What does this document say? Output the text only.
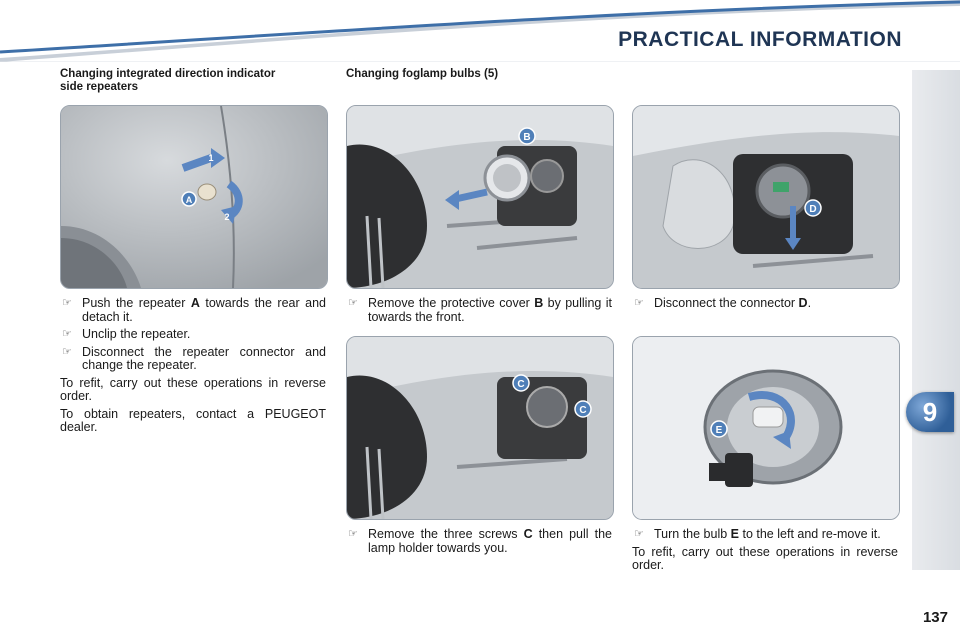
PRACTICAL INFORMATION
9
Changing integrated direction indicator side repeaters
Changing foglamp bulbs (5)
A
1
2
B
D
C
C
E
☞ Push the repeater A towards the rear and detach it.
☞ Unclip the repeater.
☞ Disconnect the repeater connector and change the repeater.
To refit, carry out these operations in reverse order.
To obtain repeaters, contact a PEUGEOT dealer.
☞ Remove the protective cover B by pulling it towards the front.
☞ Disconnect the connector D.
☞ Remove the three screws C then pull the lamp holder towards you.
☞ Turn the bulb E to the left and re-move it.
To refit, carry out these operations in reverse order.
137
